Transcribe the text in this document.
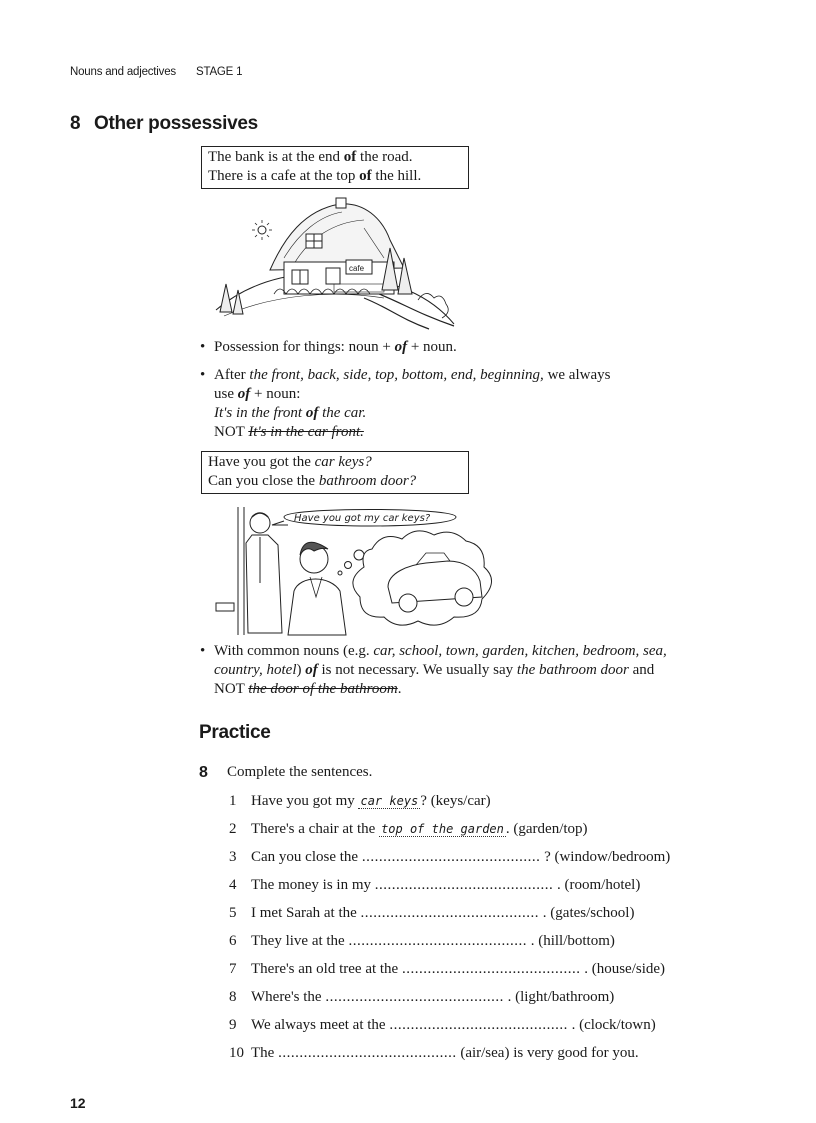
Nouns and adjectives STAGE 1
8 Other possessives
The bank is at the end of the road.
There is a cafe at the top of the hill.
cafe
• Possession for things: noun + of + noun.
• After the front, back, side, top, bottom, end, beginning, we always
use of + noun:
It's in the front of the car.
NOT It's in the car front.
Have you got the car keys?
Can you close the bathroom door?
Have you got my car keys?
• With common nouns (e.g. car, school, town, garden, kitchen, bedroom, sea,
country, hotel) of is not necessary. We usually say the bathroom door and
NOT the door of the bathroom.
Practice
8 Complete the sentences.
1 Have you got my car keys ? (keys/car)
2 There's a chair at the top of the garden . (garden/top)
3 Can you close the .......................................... ? (window/bedroom)
4 The money is in my .......................................... . (room/hotel)
5 I met Sarah at the .......................................... . (gates/school)
6 They live at the .......................................... . (hill/bottom)
7 There's an old tree at the .......................................... . (house/side)
8 Where's the .......................................... . (light/bathroom)
9 We always meet at the .......................................... . (clock/town)
10 The .......................................... (air/sea) is very good for you.
12
